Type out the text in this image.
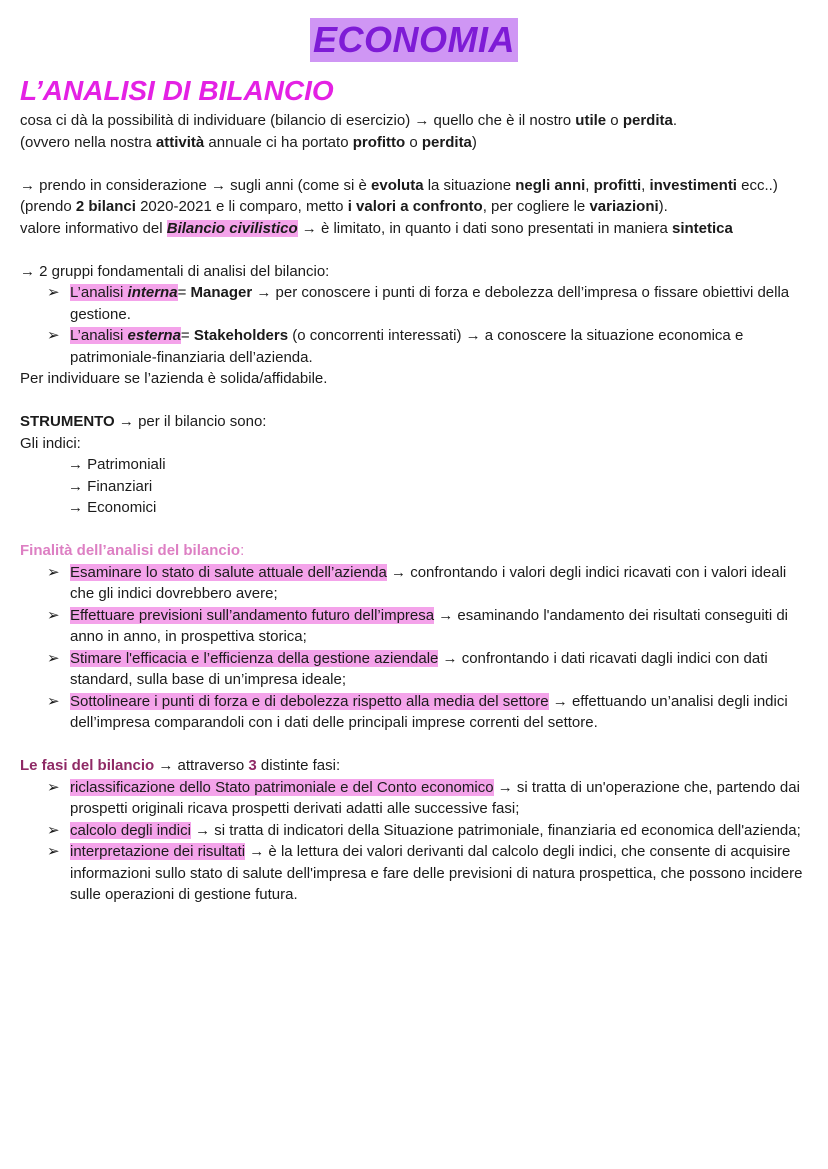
ECONOMIA
L’ANALISI DI BILANCIO

cosa ci dà la possibilità di individuare (bilancio di esercizio) → quello che è il nostro utile o perdita.

(ovvero nella nostra attività annuale ci ha portato profitto o perdita)

→ prendo in considerazione → sugli anni (come si è evoluta la situazione negli anni, profitti, investimenti ecc..) (prendo 2 bilanci 2020-2021 e li comparo, metto i valori a confronto, per cogliere le variazioni).

valore informativo del Bilancio civilistico → è limitato, in quanto i dati sono presentati in maniera sintetica

→ 2 gruppi fondamentali di analisi del bilancio:

➢ L’analisi interna= Manager → per conoscere i punti di forza e debolezza dell’impresa o fissare obiettivi della gestione.
➢ L’analisi esterna= Stakeholders (o concorrenti interessati) → a conoscere la situazione economica e patrimoniale-finanziaria dell’azienda.

Per individuare se l’azienda è solida/affidabile.

STRUMENTO → per il bilancio sono:

Gli indici:

→ Patrimoniali
→ Finanziari
→ Economici

Finalità dell’analisi del bilancio:

➢ Esaminare lo stato di salute attuale dell’azienda → confrontando i valori degli indici ricavati con i valori ideali che gli indici dovrebbero avere;
➢ Effettuare previsioni sull’andamento futuro dell’impresa → esaminando l'andamento dei risultati conseguiti di anno in anno, in prospettiva storica;
➢ Stimare l'efficacia e l’efficienza della gestione aziendale → confrontando i dati ricavati dagli indici con dati standard, sulla base di un’impresa ideale;
➢ Sottolineare i punti di forza e di debolezza rispetto alla media del settore → effettuando un’analisi degli indici dell’impresa comparandoli con i dati delle principali imprese correnti del settore.

Le fasi del bilancio → attraverso 3 distinte fasi:

➢ riclassificazione dello Stato patrimoniale e del Conto economico → si tratta di un'operazione che, partendo dai prospetti originali ricava prospetti derivati adatti alle successive fasi;
➢ calcolo degli indici → si tratta di indicatori della Situazione patrimoniale, finanziaria ed economica dell'azienda;
➢ interpretazione dei risultati → è la lettura dei valori derivanti dal calcolo degli indici, che consente di acquisire informazioni sullo stato di salute dell'impresa e fare delle previsioni di natura prospettica, che possono incidere sulle operazioni di gestione futura.
